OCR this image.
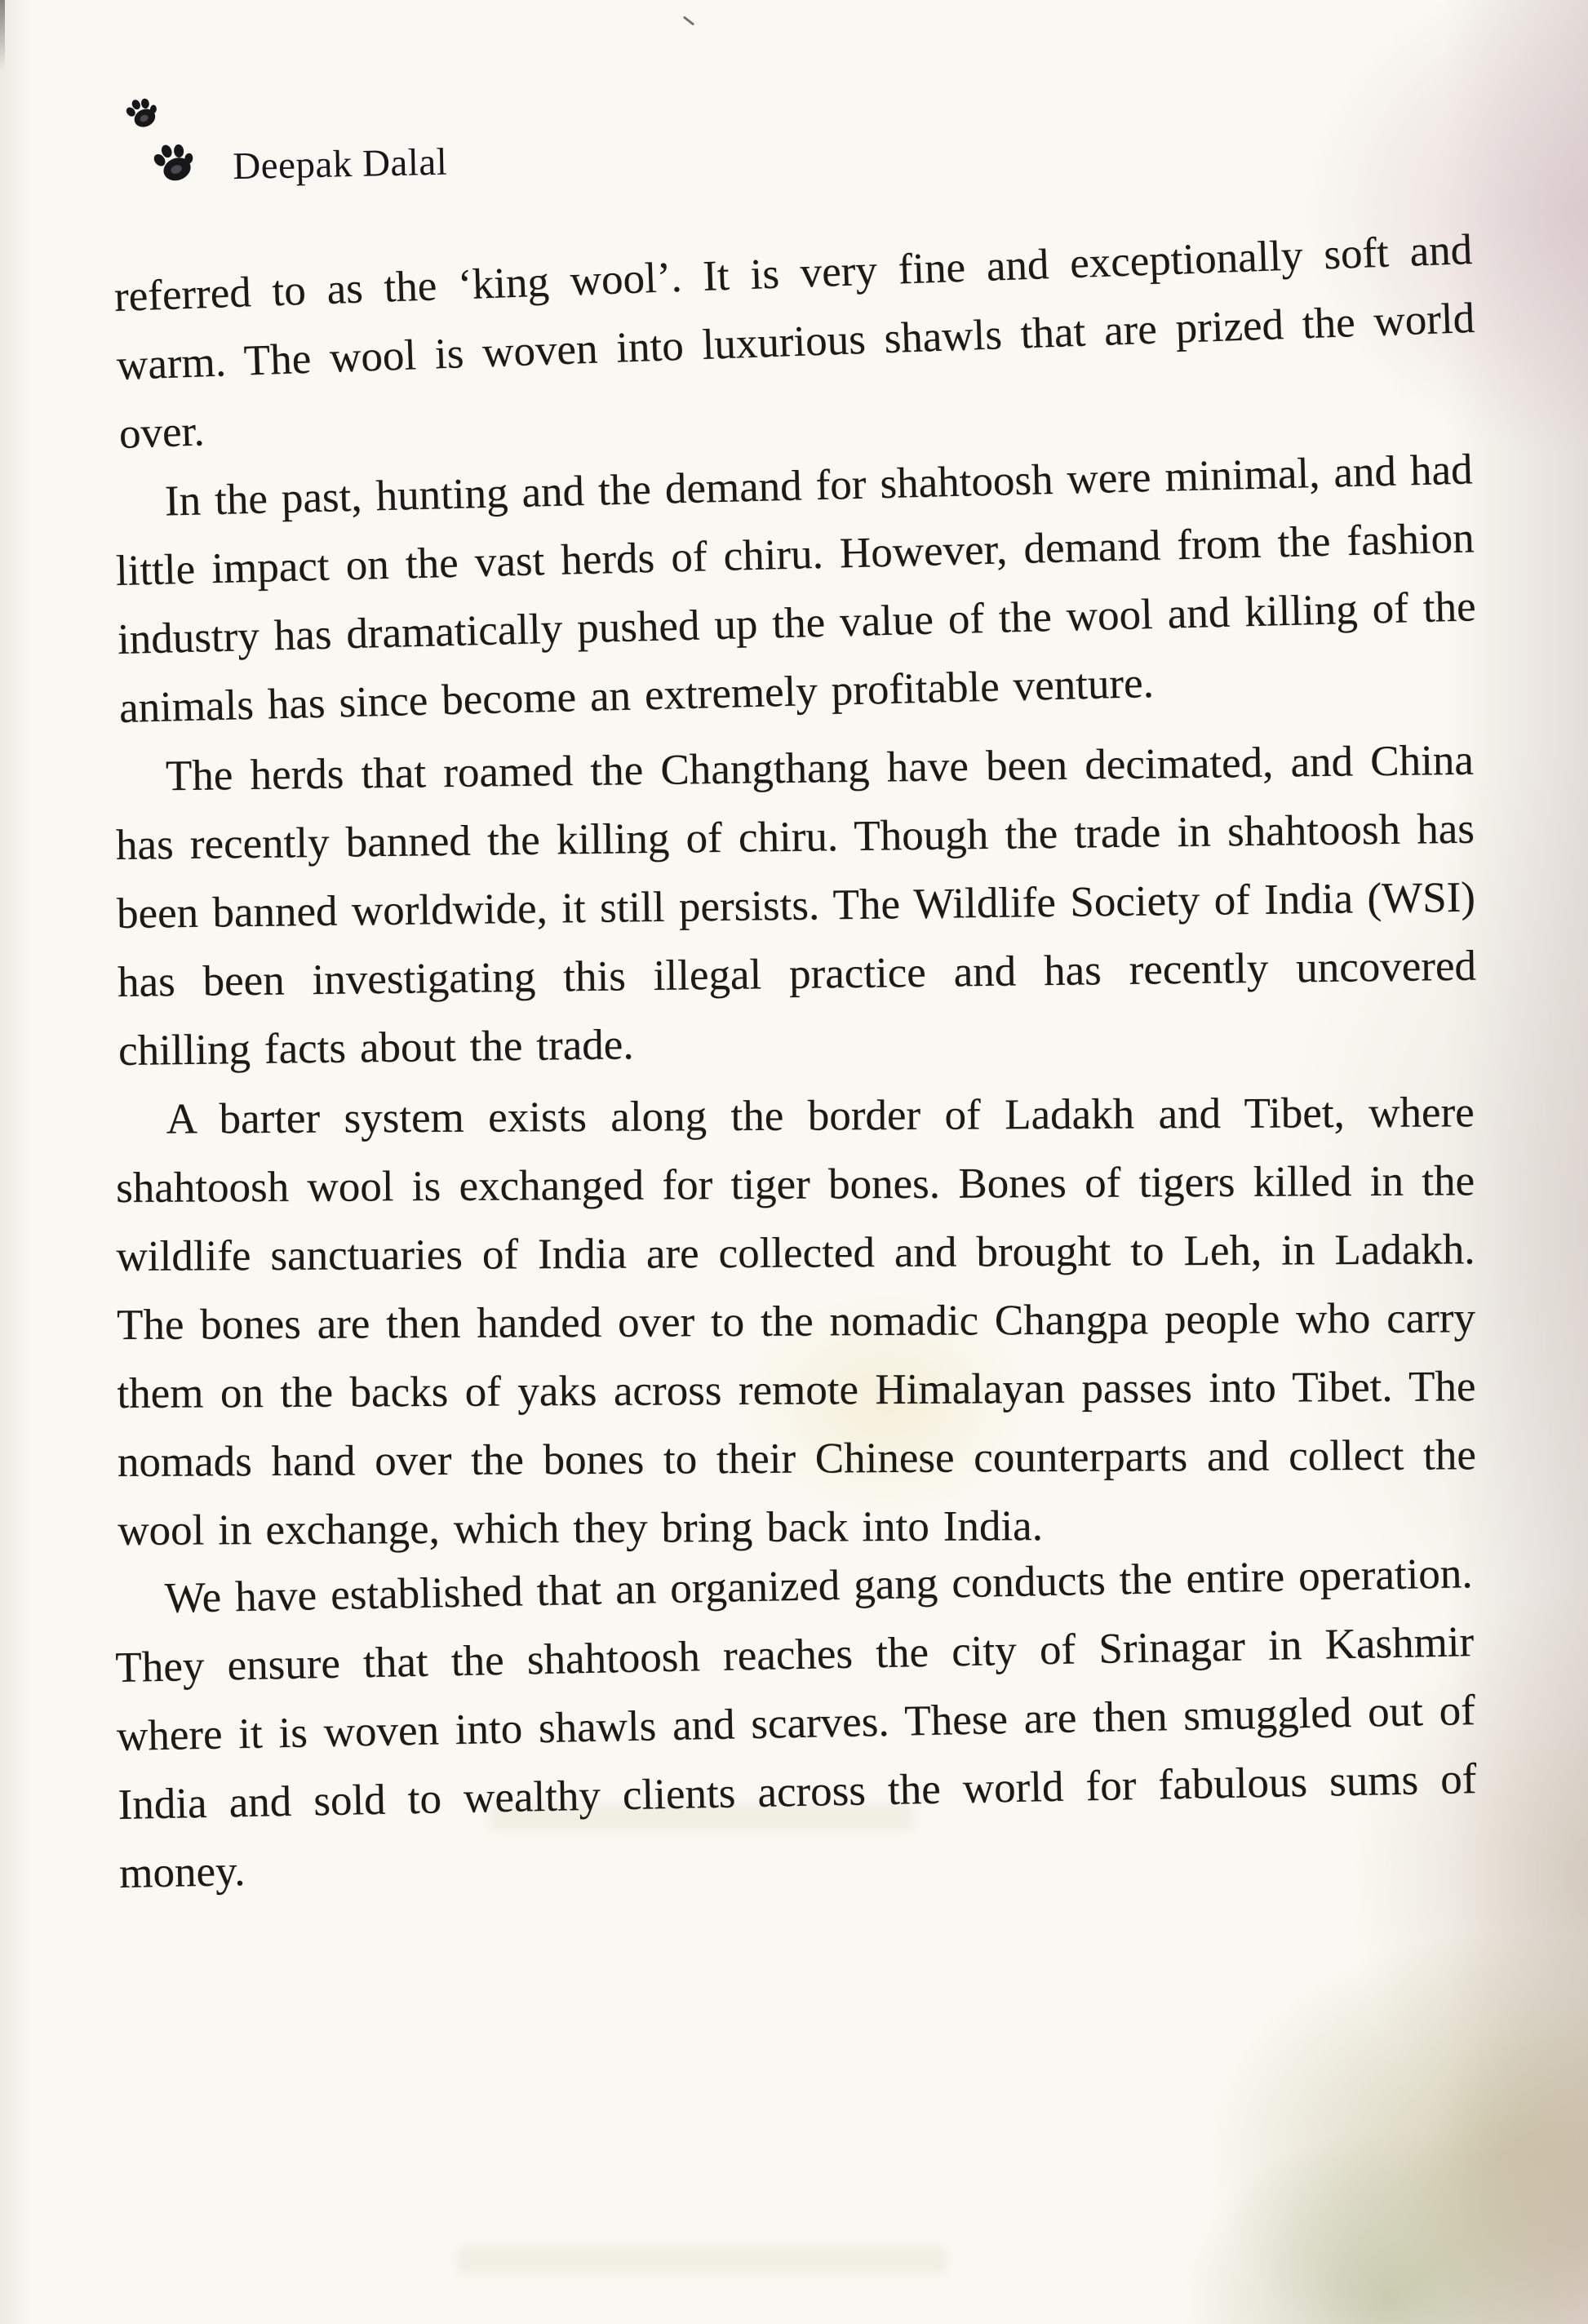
Deepak Dalal

referred to as the ‘king wool’. It is very fine and exceptionally soft and warm. The wool is woven into luxurious shawls that are prized the world over.

In the past, hunting and the demand for shahtoosh were minimal, and had little impact on the vast herds of chiru. However, demand from the fashion industry has dramatically pushed up the value of the wool and killing of the animals has since become an extremely profitable venture.

The herds that roamed the Changthang have been decimated, and China has recently banned the killing of chiru. Though the trade in shahtoosh has been banned worldwide, it still persists. The Wildlife Society of India (WSI) has been investigating this illegal practice and has recently uncovered chilling facts about the trade.

A barter system exists along the border of Ladakh and Tibet, where shahtoosh wool is exchanged for tiger bones. Bones of tigers killed in the wildlife sanctuaries of India are collected and brought to Leh, in Ladakh. The bones are then handed over to the nomadic Changpa people who carry them on the backs of yaks across remote Himalayan passes into Tibet. The nomads hand over the bones to their Chinese counterparts and collect the wool in exchange, which they bring back into India.

We have established that an organized gang conducts the entire operation. They ensure that the shahtoosh reaches the city of Srinagar in Kashmir where it is woven into shawls and scarves. These are then smuggled out of India and sold to wealthy clients across the world for fabulous sums of money.
